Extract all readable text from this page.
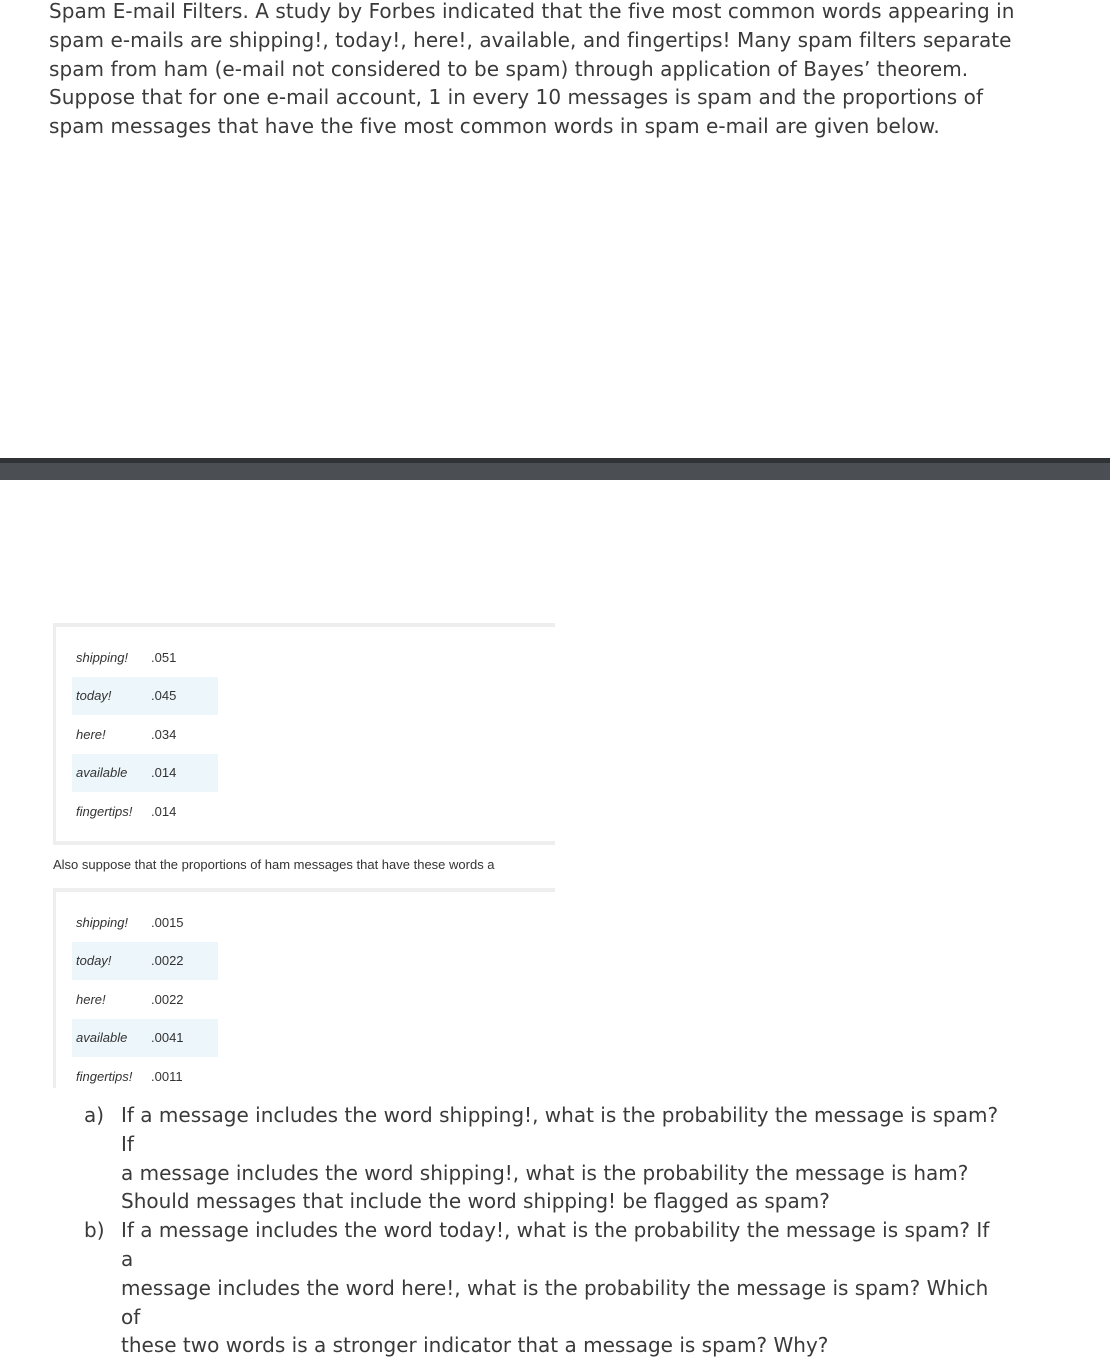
Spam E-mail Filters. A study by Forbes indicated that the five most common words appearing in

spam e-mails are shipping!, today!, here!, available, and fingertips! Many spam filters separate

spam from ham (e-mail not considered to be spam) through application of Bayes’ theorem.

Suppose that for one e-mail account, 1 in every 10 messages is spam and the proportions of

spam messages that have the five most common words in spam e-mail are given below.

shipping!	.051
today!	.045
here!	.034
available	.014
fingertips!	.014
Also suppose that the proportions of ham messages that have these words a
shipping!	.0015
today!	.0022
here!	.0022
available	.0041
fingertips!	.0011
a) If a message includes the word shipping!, what is the probability the message is spam? If
a message includes the word shipping!, what is the probability the message is ham?
Should messages that include the word shipping! be flagged as spam?
b) If a message includes the word today!, what is the probability the message is spam? If a
message includes the word here!, what is the probability the message is spam? Which of
these two words is a stronger indicator that a message is spam? Why?
